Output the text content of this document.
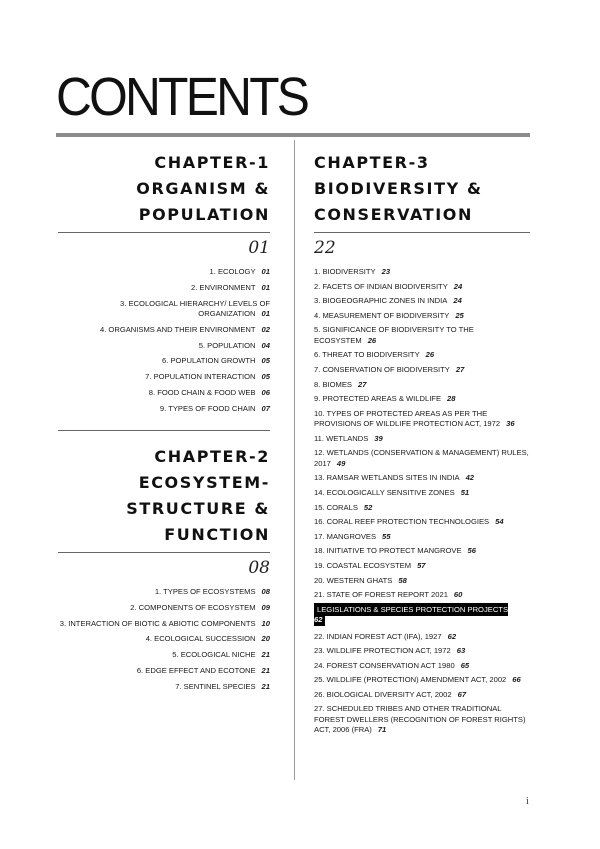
CONTENTS
CHAPTER-1
ORGANISM &
POPULATION
01
1. ECOLOGY 01
2. ENVIRONMENT 01
3. ECOLOGICAL HIERARCHY/ LEVELS OF ORGANIZATION 01
4. ORGANISMS AND THEIR ENVIRONMENT 02
5. POPULATION 04
6. POPULATION GROWTH 05
7. POPULATION INTERACTION 05
8. FOOD CHAIN & FOOD WEB 06
9. TYPES OF FOOD CHAIN 07
CHAPTER-2
ECOSYSTEM-
STRUCTURE &
FUNCTION
08
1. TYPES OF ECOSYSTEMS 08
2. COMPONENTS OF ECOSYSTEM 09
3. INTERACTION OF BIOTIC & ABIOTIC COMPONENTS 10
4. ECOLOGICAL SUCCESSION 20
5. ECOLOGICAL NICHE 21
6. EDGE EFFECT AND ECOTONE 21
7. SENTINEL SPECIES 21
CHAPTER-3
BIODIVERSITY &
CONSERVATION
22
1. BIODIVERSITY 23
2. FACETS OF INDIAN BIODIVERSITY 24
3. BIOGEOGRAPHIC ZONES IN INDIA 24
4. MEASUREMENT OF BIODIVERSITY 25
5. SIGNIFICANCE OF BIODIVERSITY TO THE ECOSYSTEM 26
6. THREAT TO BIODIVERSITY 26
7. CONSERVATION OF BIODIVERSITY 27
8. BIOMES 27
9. PROTECTED AREAS & WILDLIFE 28
10. TYPES OF PROTECTED AREAS AS PER THE PROVISIONS OF WILDLIFE PROTECTION ACT, 1972 36
11. WETLANDS 39
12. WETLANDS (CONSERVATION & MANAGEMENT) RULES, 2017 49
13. RAMSAR WETLANDS SITES IN INDIA 42
14. ECOLOGICALLY SENSITIVE ZONES 51
15. CORALS 52
16. CORAL REEF PROTECTION TECHNOLOGIES 54
17. MANGROVES 55
18. INITIATIVE TO PROTECT MANGROVE 56
19. COASTAL ECOSYSTEM 57
20. WESTERN GHATS 58
21. STATE OF FOREST REPORT 2021 60
LEGISLATIONS & SPECIES PROTECTION PROJECTS
62
22. INDIAN FOREST ACT (IFA), 1927 62
23. WILDLIFE PROTECTION ACT, 1972 63
24. FOREST CONSERVATION ACT 1980 65
25. WILDLIFE (PROTECTION) AMENDMENT ACT, 2002 66
26. BIOLOGICAL DIVERSITY ACT, 2002 67
27. SCHEDULED TRIBES AND OTHER TRADITIONAL FOREST DWELLERS (RECOGNITION OF FOREST RIGHTS) ACT, 2006 (FRA) 71
i
